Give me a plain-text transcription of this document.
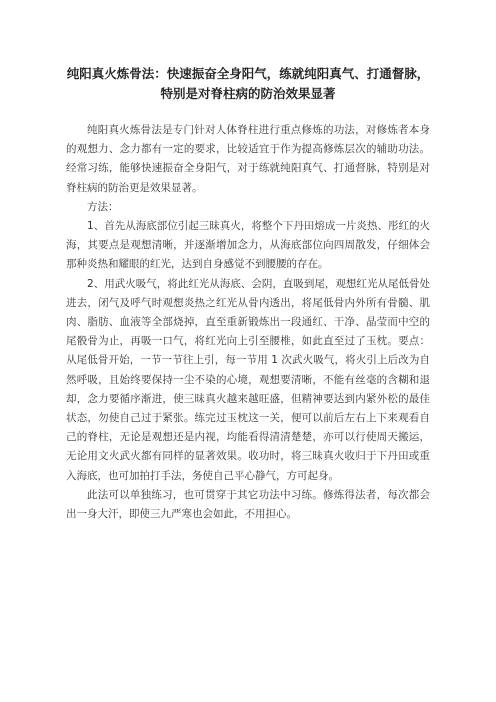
纯阳真火炼骨法：快速振奋全身阳气，练就纯阳真气、打通督脉，特别是对脊柱病的防治效果显著

纯阳真火炼骨法是专门针对人体脊柱进行重点修炼的功法，对修炼者本身的观想力、念力都有一定的要求，比较适宜于作为提高修炼层次的辅助功法。经常习练，能够快速振奋全身阳气，对于练就纯阳真气、打通督脉，特别是对脊柱病的防治更是效果显著。

方法：

1、首先从海底部位引起三昧真火，将整个下丹田熔成一片炎热、彤红的火海，其要点是观想清晰，并逐渐增加念力，从海底部位向四周散发，仔细体会那种炎热和耀眼的红光，达到自身感觉不到腰腰的存在。

2、用武火吸气，将此红光从海底、会阴，直吸到尾，观想红光从尾低骨处进去，闭气及呼气时观想炎热之红光从骨内透出，将尾低骨内外所有骨髓、肌肉、脂肪、血液等全部烧掉，直至重新锻炼出一段通红、干净、晶莹而中空的尾骰骨为止，再吸一口气，将红光向上引至腰椎，如此直至过了玉枕。要点：从尾低骨开始，一节一节往上引，每一节用 1 次武火吸气，将火引上后改为自然呼吸，且始终要保持一尘不染的心境，观想要清晰，不能有丝毫的含糊和退却，念力要循序渐进，使三昧真火越来越旺盛，但精神要达到内紧外松的最佳状态，勿使自己过于紧张。练完过玉枕这一关，便可以前后左右上下来观看自己的脊柱，无论是观想还是内视，均能看得清清楚楚，亦可以行使周天搬运，无论用文火武火都有同样的显著效果。收功时，将三昧真火收归于下丹田或重入海底，也可加拍打手法，务使自己平心静气，方可起身。

此法可以单独练习，也可贯穿于其它功法中习练。修炼得法者，每次都会出一身大汗，即使三九严寒也会如此，不用担心。
